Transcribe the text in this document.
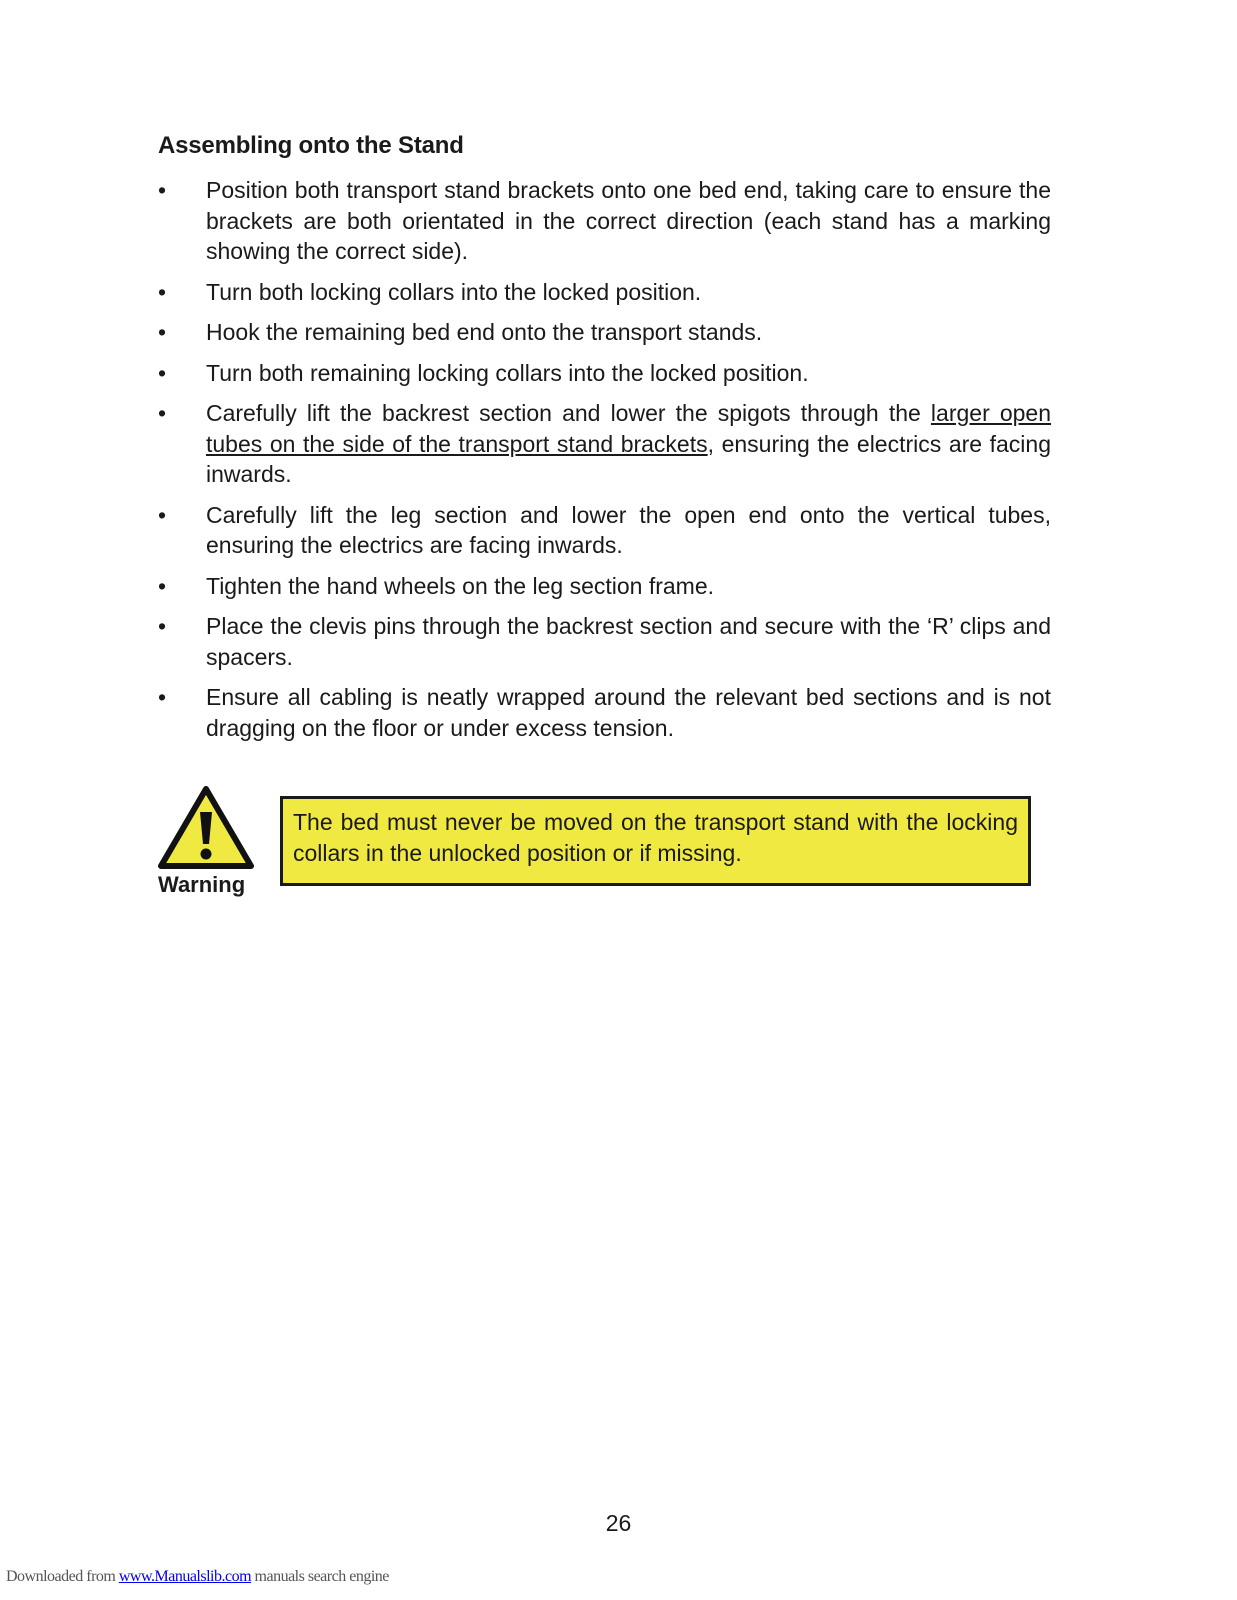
Assembling onto the Stand
•	Position both transport stand brackets onto one bed end, taking care to ensure the brackets are both orientated in the correct direction (each stand has a marking showing the correct side).
•	Turn both locking collars into the locked position.
•	Hook the remaining bed end onto the transport stands.
•	Turn both remaining locking collars into the locked position.
•	Carefully lift the backrest section and lower the spigots through the larger open tubes on the side of the transport stand brackets, ensuring the electrics are facing inwards.
•	Carefully lift the leg section and lower the open end onto the vertical tubes, ensuring the electrics are facing inwards.
•	Tighten the hand wheels on the leg section frame.
•	Place the clevis pins through the backrest section and secure with the ‘R’ clips and spacers.
•	Ensure all cabling is neatly wrapped around the relevant bed sections and is not dragging on the floor or under excess tension.
Warning
The bed must never be moved on the transport stand with the locking collars in the unlocked position or if missing.
26
Downloaded from www.Manualslib.com manuals search engine
